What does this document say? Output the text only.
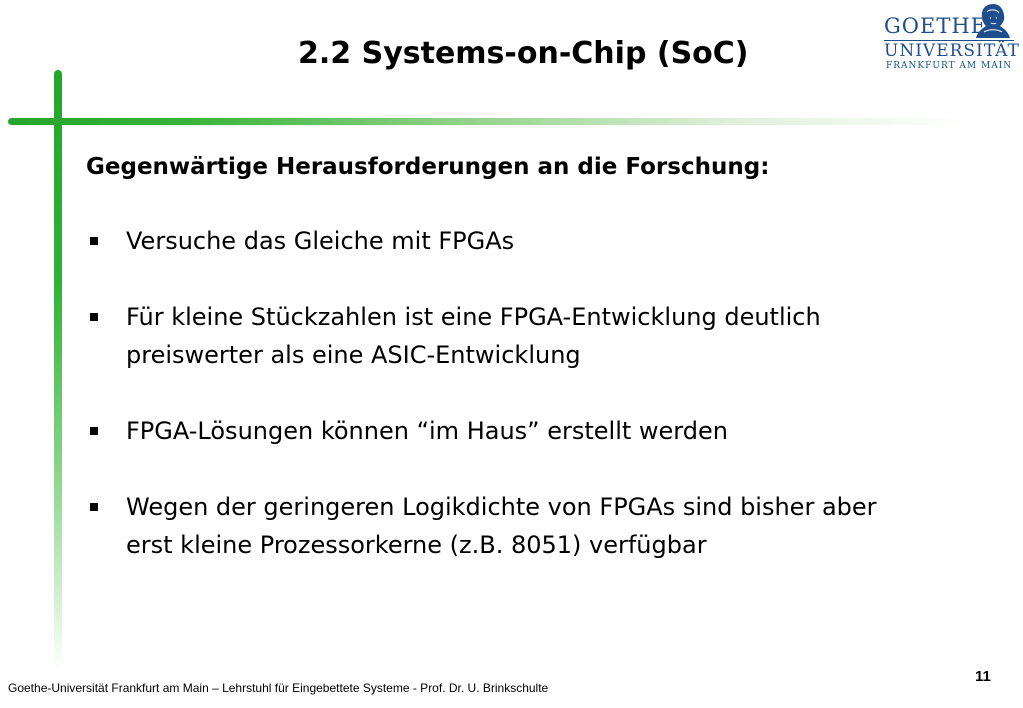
2.2 Systems-on-Chip (SoC)
GOETHE
UNIVERSITÄT
FRANKFURT AM MAIN
Gegenwärtige Herausforderungen an die Forschung:
Versuche das Gleiche mit FPGAs
Für kleine Stückzahlen ist eine FPGA-Entwicklung deutlich preiswerter als eine ASIC-Entwicklung
FPGA-Lösungen können “im Haus” erstellt werden
Wegen der geringeren Logikdichte von FPGAs sind bisher aber erst kleine Prozessorkerne (z.B. 8051) verfügbar
Goethe-Universität Frankfurt am Main – Lehrstuhl für Eingebettete Systeme - Prof. Dr. U. Brinkschulte
11
